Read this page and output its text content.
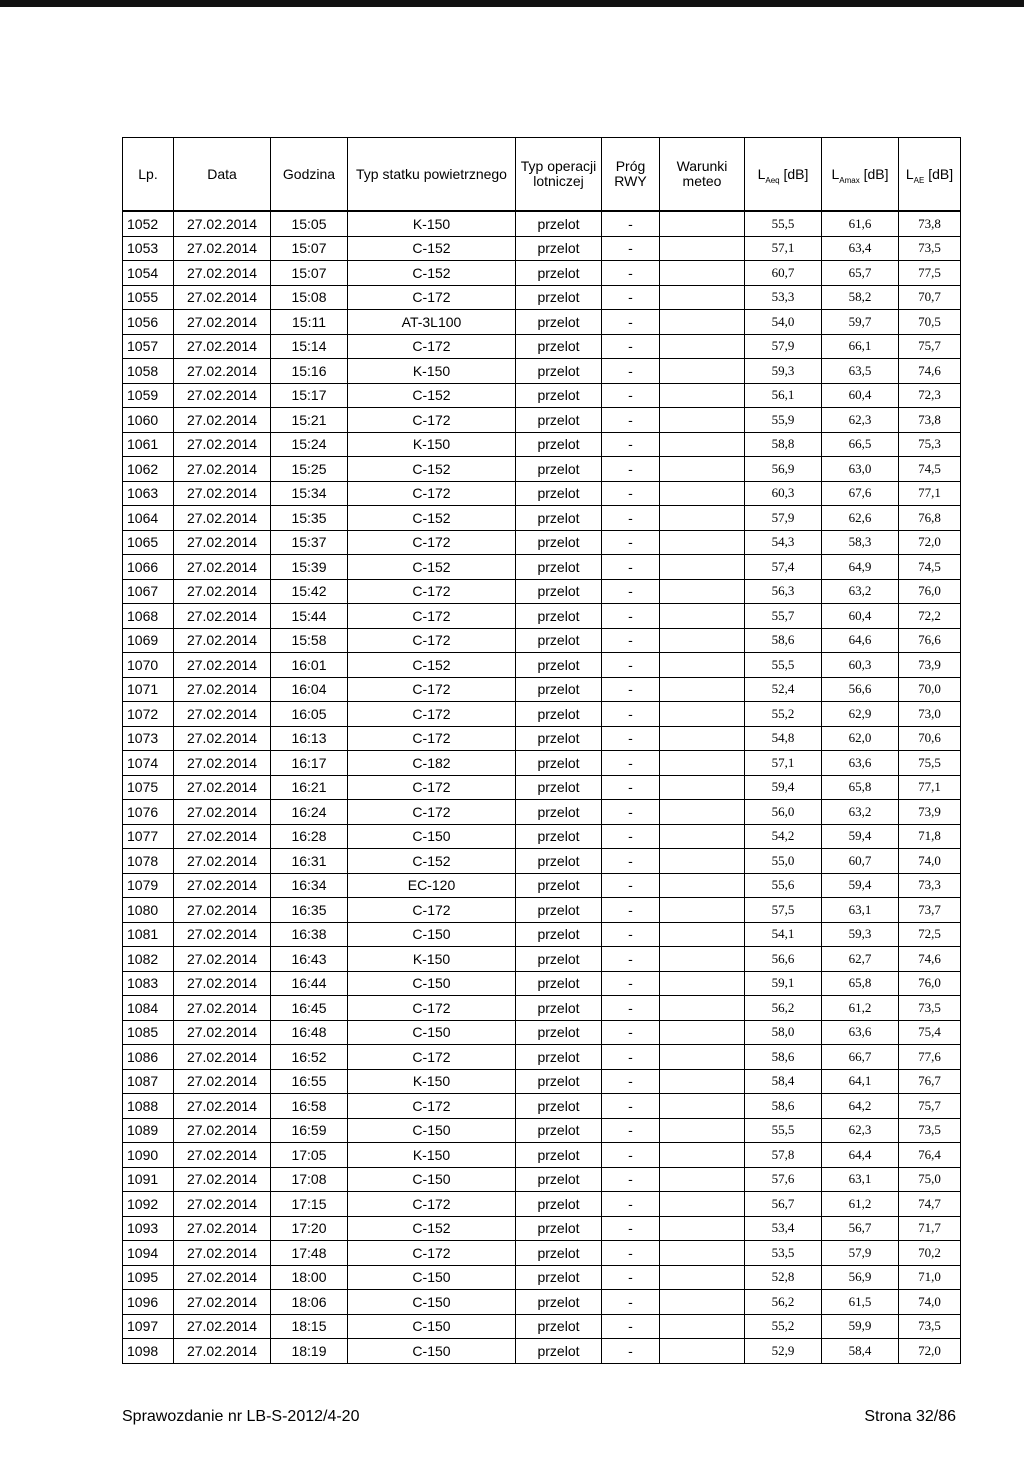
Lp.	Data	Godzina	Typ statku powietrznego	Typ operacji lotniczej	Próg RWY	Warunki meteo	$L_{Aeq}$ [dB]	$L_{Amax}$ [dB]	$L_{AE}$ [dB]
1052	27.02.2014	15:05	K-150	przelot	-		55,5	61,6	73,8
1053	27.02.2014	15:07	C-152	przelot	-		57,1	63,4	73,5
1054	27.02.2014	15:07	C-152	przelot	-		60,7	65,7	77,5
1055	27.02.2014	15:08	C-172	przelot	-		53,3	58,2	70,7
1056	27.02.2014	15:11	AT-3L100	przelot	-		54,0	59,7	70,5
1057	27.02.2014	15:14	C-172	przelot	-		57,9	66,1	75,7
1058	27.02.2014	15:16	K-150	przelot	-		59,3	63,5	74,6
1059	27.02.2014	15:17	C-152	przelot	-		56,1	60,4	72,3
1060	27.02.2014	15:21	C-172	przelot	-		55,9	62,3	73,8
1061	27.02.2014	15:24	K-150	przelot	-		58,8	66,5	75,3
1062	27.02.2014	15:25	C-152	przelot	-		56,9	63,0	74,5
1063	27.02.2014	15:34	C-172	przelot	-		60,3	67,6	77,1
1064	27.02.2014	15:35	C-152	przelot	-		57,9	62,6	76,8
1065	27.02.2014	15:37	C-172	przelot	-		54,3	58,3	72,0
1066	27.02.2014	15:39	C-152	przelot	-		57,4	64,9	74,5
1067	27.02.2014	15:42	C-172	przelot	-		56,3	63,2	76,0
1068	27.02.2014	15:44	C-172	przelot	-		55,7	60,4	72,2
1069	27.02.2014	15:58	C-172	przelot	-		58,6	64,6	76,6
1070	27.02.2014	16:01	C-152	przelot	-		55,5	60,3	73,9
1071	27.02.2014	16:04	C-172	przelot	-		52,4	56,6	70,0
1072	27.02.2014	16:05	C-172	przelot	-		55,2	62,9	73,0
1073	27.02.2014	16:13	C-172	przelot	-		54,8	62,0	70,6
1074	27.02.2014	16:17	C-182	przelot	-		57,1	63,6	75,5
1075	27.02.2014	16:21	C-172	przelot	-		59,4	65,8	77,1
1076	27.02.2014	16:24	C-172	przelot	-		56,0	63,2	73,9
1077	27.02.2014	16:28	C-150	przelot	-		54,2	59,4	71,8
1078	27.02.2014	16:31	C-152	przelot	-		55,0	60,7	74,0
1079	27.02.2014	16:34	EC-120	przelot	-		55,6	59,4	73,3
1080	27.02.2014	16:35	C-172	przelot	-		57,5	63,1	73,7
1081	27.02.2014	16:38	C-150	przelot	-		54,1	59,3	72,5
1082	27.02.2014	16:43	K-150	przelot	-		56,6	62,7	74,6
1083	27.02.2014	16:44	C-150	przelot	-		59,1	65,8	76,0
1084	27.02.2014	16:45	C-172	przelot	-		56,2	61,2	73,5
1085	27.02.2014	16:48	C-150	przelot	-		58,0	63,6	75,4
1086	27.02.2014	16:52	C-172	przelot	-		58,6	66,7	77,6
1087	27.02.2014	16:55	K-150	przelot	-		58,4	64,1	76,7
1088	27.02.2014	16:58	C-172	przelot	-		58,6	64,2	75,7
1089	27.02.2014	16:59	C-150	przelot	-		55,5	62,3	73,5
1090	27.02.2014	17:05	K-150	przelot	-		57,8	64,4	76,4
1091	27.02.2014	17:08	C-150	przelot	-		57,6	63,1	75,0
1092	27.02.2014	17:15	C-172	przelot	-		56,7	61,2	74,7
1093	27.02.2014	17:20	C-152	przelot	-		53,4	56,7	71,7
1094	27.02.2014	17:48	C-172	przelot	-		53,5	57,9	70,2
1095	27.02.2014	18:00	C-150	przelot	-		52,8	56,9	71,0
1096	27.02.2014	18:06	C-150	przelot	-		56,2	61,5	74,0
1097	27.02.2014	18:15	C-150	przelot	-		55,2	59,9	73,5
1098	27.02.2014	18:19	C-150	przelot	-		52,9	58,4	72,0
Sprawozdanie nr LB-S-2012/4-20	Strona 32/86
